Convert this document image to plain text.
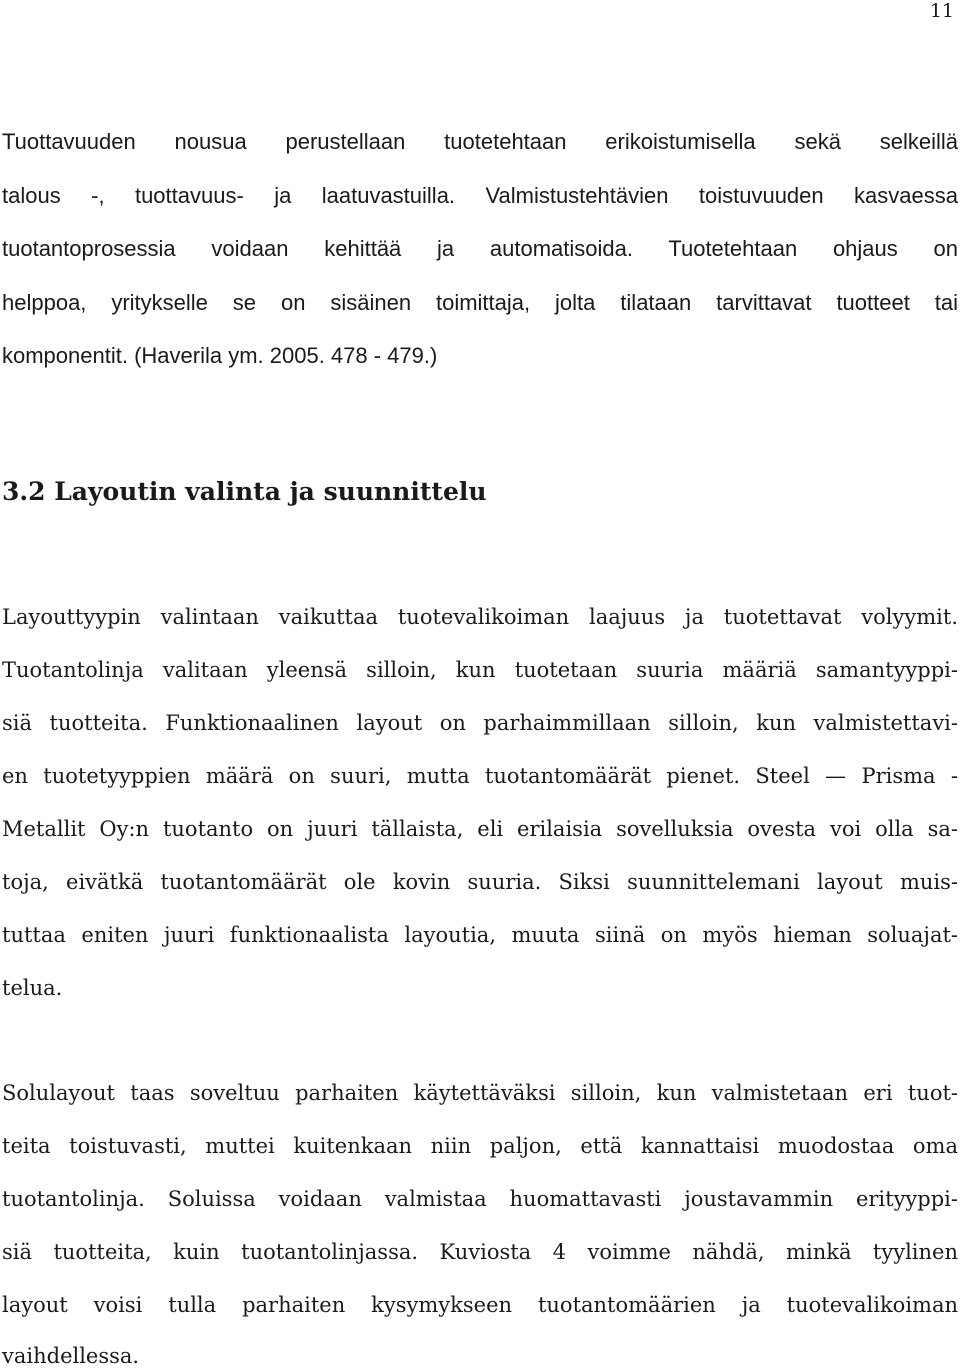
11
Tuottavuuden nousua perustellaan tuotetehtaan erikoistumisella sekä selkeillä
talous -, tuottavuus- ja laatuvastuilla. Valmistustehtävien toistuvuuden kasvaessa
tuotantoprosessia voidaan kehittää ja automatisoida. Tuotetehtaan ohjaus on
helppoa, yritykselle se on sisäinen toimittaja, jolta tilataan tarvittavat tuotteet tai
komponentit. (Haverila ym. 2005. 478 - 479.)
3.2 Layoutin valinta ja suunnittelu
Layouttyypin valintaan vaikuttaa tuotevalikoiman laajuus ja tuotettavat volyymit.
Tuotantolinja valitaan yleensä silloin, kun tuotetaan suuria määriä samantyyppi-
siä tuotteita. Funktionaalinen layout on parhaimmillaan silloin, kun valmistettavi-
en tuotetyyppien määrä on suuri, mutta tuotantomäärät pienet. Steel — Prisma -
Metallit Oy:n tuotanto on juuri tällaista, eli erilaisia sovelluksia ovesta voi olla sa-
toja, eivätkä tuotantomäärät ole kovin suuria. Siksi suunnittelemani layout muis-
tuttaa eniten juuri funktionaalista layoutia, muuta siinä on myös hieman soluajat-
telua.
Solulayout taas soveltuu parhaiten käytettäväksi silloin, kun valmistetaan eri tuot-
teita toistuvasti, muttei kuitenkaan niin paljon, että kannattaisi muodostaa oma
tuotantolinja. Soluissa voidaan valmistaa huomattavasti joustavammin erityyppi-
siä tuotteita, kuin tuotantolinjassa. Kuviosta 4 voimme nähdä, minkä tyylinen
layout voisi tulla parhaiten kysymykseen tuotantomäärien ja tuotevalikoiman
vaihdellessa.
